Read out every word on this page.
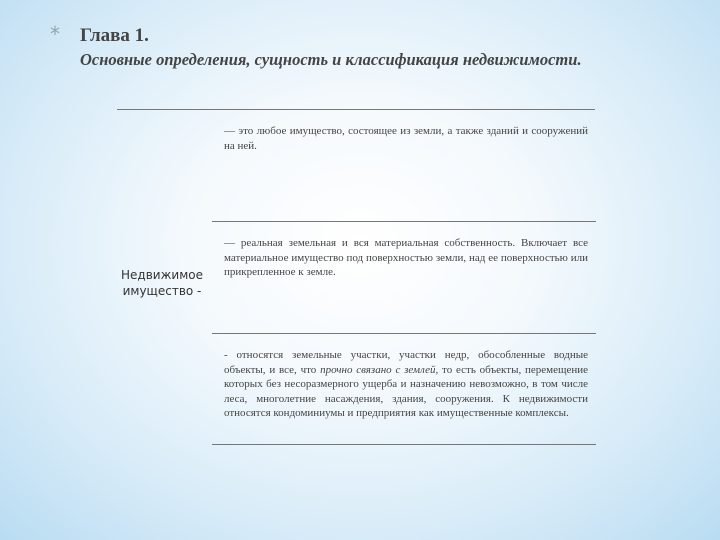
* Глава 1.
Основные определения, сущность и классификация недвижимости.
— это любое имущество, состоящее из земли, а также зданий и сооружений на ней.
— реальная земельная и вся материальная собственность. Включает все материальное имущество под поверхностью земли, над ее поверхностью или прикрепленное к земле.
Недвижимое имущество -
- относятся земельные участки, участки недр, обособленные водные объекты, и все, что прочно связано с землей, то есть объекты, перемещение которых без несоразмерного ущерба и назначению невозможно, в том числе леса, многолетние насаждения, здания, сооружения. К недвижимости относятся кондоминиумы и предприятия как имущественные комплексы.
